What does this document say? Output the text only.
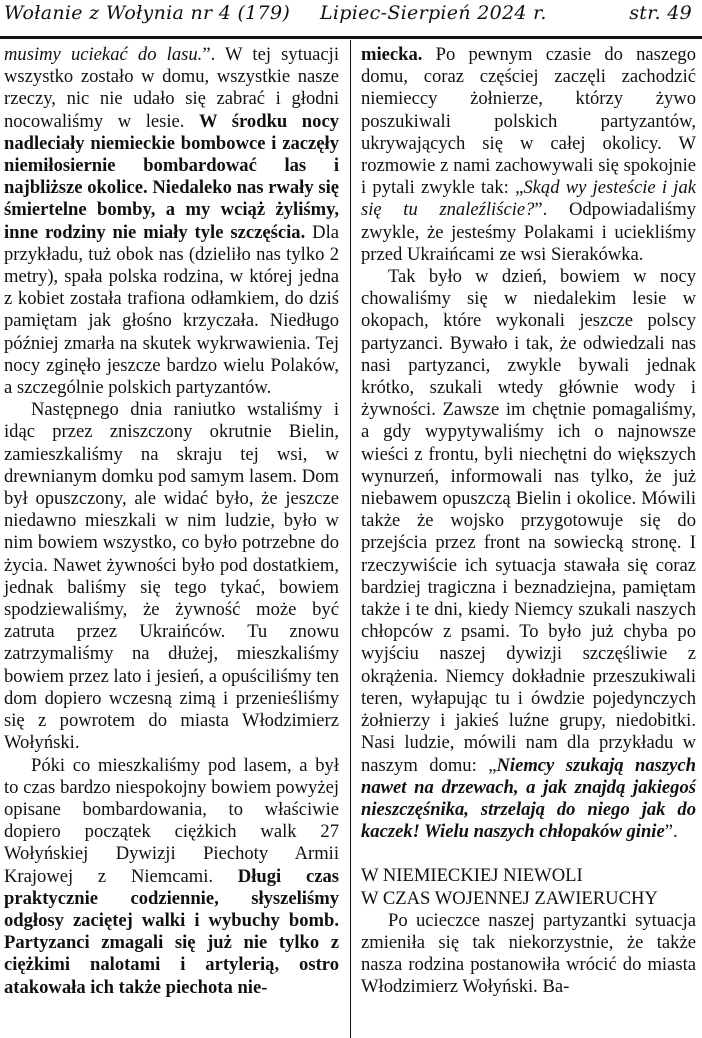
Wołanie z Wołynia nr 4 (179) Lipiec-Sierpień 2024 r.	str. 49

musimy uciekać do lasu.”. W tej sytuacji wszystko zostało w domu, wszystkie nasze rzeczy, nic nie udało się zabrać i głodni nocowaliśmy w lesie. W środku nocy nadleciały niemieckie bombowce i zaczęły niemiłosiernie bombardować las i najbliższe okolice. Niedaleko nas rwały się śmiertelne bomby, a my wciąż żyliśmy, inne rodziny nie miały tyle szczęścia. Dla przykładu, tuż obok nas (dzieliło nas tylko 2 metry), spała polska rodzina, w której jedna z kobiet została trafiona odłamkiem, do dziś pamiętam jak głośno krzyczała. Niedługo później zmarła na skutek wykrwawienia. Tej nocy zginęło jeszcze bardzo wielu Polaków, a szczególnie polskich partyzantów.

Następnego dnia raniutko wstaliśmy i idąc przez zniszczony okrutnie Bielin, zamieszkaliśmy na skraju tej wsi, w drewnianym domku pod samym lasem. Dom był opuszczony, ale widać było, że jeszcze niedawno mieszkali w nim ludzie, było w nim bowiem wszystko, co było potrzebne do życia. Nawet żywności było pod dostatkiem, jednak baliśmy się tego tykać, bowiem spodziewaliśmy, że żywność może być zatruta przez Ukraińców. Tu znowu zatrzymaliśmy na dłużej, mieszkaliśmy bowiem przez lato i jesień, a opuściliśmy ten dom dopiero wczesną zimą i przenieśliśmy się z powrotem do miasta Włodzimierz Wołyński.

Póki co mieszkaliśmy pod lasem, a był to czas bardzo niespokojny bowiem powyżej opisane bombardowania, to właściwie dopiero początek ciężkich walk 27 Wołyńskiej Dywizji Piechoty Armii Krajowej z Niemcami. Długi czas praktycznie codziennie, słyszeliśmy odgłosy zaciętej walki i wybuchy bomb. Partyzanci zmagali się już nie tylko z ciężkimi nalotami i artylerią, ostro atakowała ich także piechota nie-

miecka. Po pewnym czasie do naszego domu, coraz częściej zaczęli zachodzić niemieccy żołnierze, którzy żywo poszukiwali polskich partyzantów, ukrywających się w całej okolicy. W rozmowie z nami zachowywali się spokojnie i pytali zwykle tak: „Skąd wy jesteście i jak się tu znaleźliście?”. Odpowiadaliśmy zwykle, że jesteśmy Polakami i uciekliśmy przed Ukraińcami ze wsi Sierakówka.

Tak było w dzień, bowiem w nocy chowaliśmy się w niedalekim lesie w okopach, które wykonali jeszcze polscy partyzanci. Bywało i tak, że odwiedzali nas nasi partyzanci, zwykle bywali jednak krótko, szukali wtedy głównie wody i żywności. Zawsze im chętnie pomagaliśmy, a gdy wypytywaliśmy ich o najnowsze wieści z frontu, byli niechętni do większych wynurzeń, informowali nas tylko, że już niebawem opuszczą Bielin i okolice. Mówili także że wojsko przygotowuje się do przejścia przez front na sowiecką stronę. I rzeczywiście ich sytuacja stawała się coraz bardziej tragiczna i beznadziejna, pamiętam także i te dni, kiedy Niemcy szukali naszych chłopców z psami. To było już chyba po wyjściu naszej dywizji szczęśliwie z okrążenia. Niemcy dokładnie przeszukiwali teren, wyłapując tu i ówdzie pojedynczych żołnierzy i jakieś luźne grupy, niedobitki. Nasi ludzie, mówili nam dla przykładu w naszym domu: „Niemcy szukają naszych nawet na drzewach, a jak znajdą jakiegoś nieszczęśnika, strzelają do niego jak do kaczek! Wielu naszych chłopaków ginie”.

W NIEMIECKIEJ NIEWOLI
W CZAS WOJENNEJ ZAWIERUCHY

Po ucieczce naszej partyzantki sytuacja zmieniła się tak niekorzystnie, że także nasza rodzina postanowiła wrócić do miasta Włodzimierz Wołyński. Ba-
